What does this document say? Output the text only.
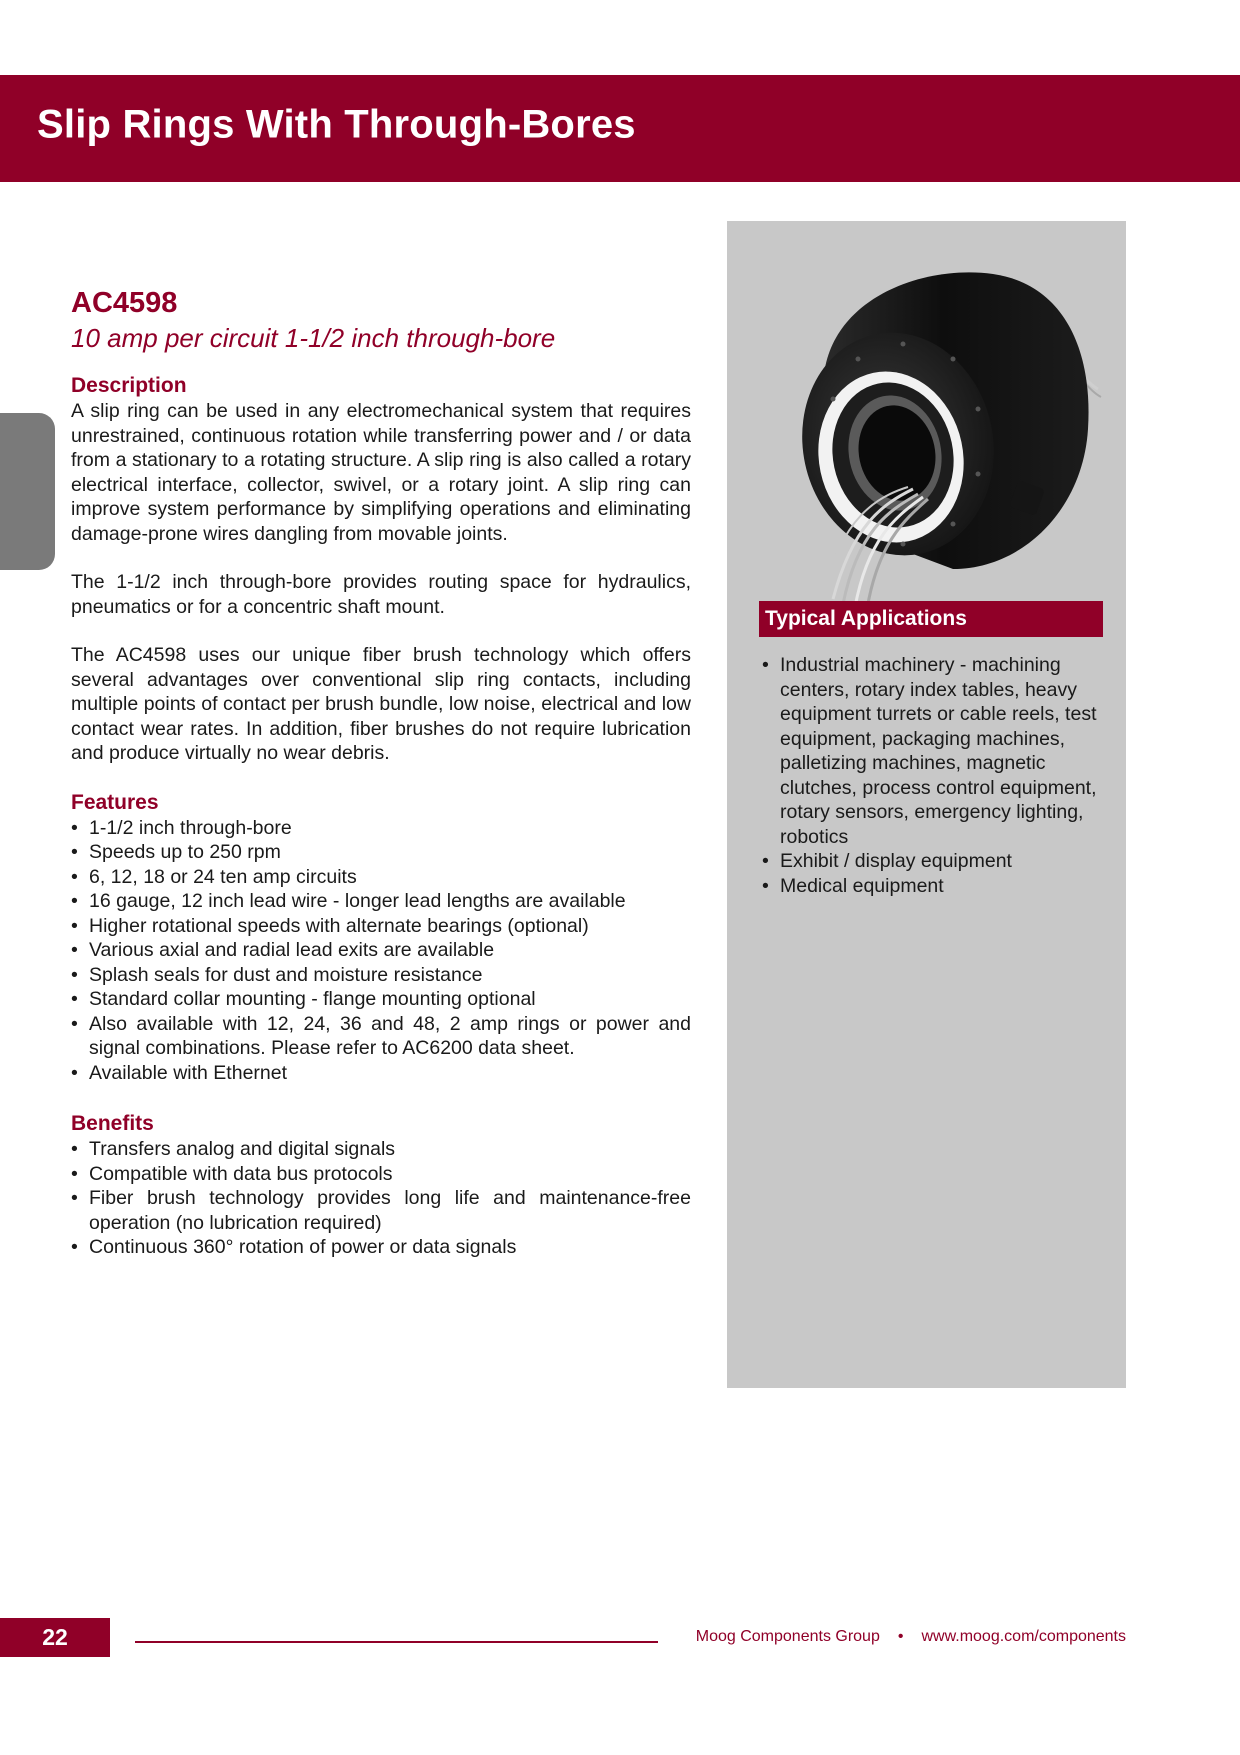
Slip Rings With Through-Bores

AC4598

10 amp per circuit 1-1/2 inch through-bore

Description

A slip ring can be used in any electromechanical system that requires unrestrained, continuous rotation while transferring power and / or data from a stationary to a rotating structure. A slip ring is also called a rotary electrical interface, collector, swivel, or a rotary joint. A slip ring can improve system performance by simplifying operations and eliminating damage-prone wires dangling from movable joints.

The 1-1/2 inch through-bore provides routing space for hydraulics, pneumatics or for a concentric shaft mount.

The AC4598 uses our unique fiber brush technology which offers several advantages over conventional slip ring contacts, including multiple points of contact per brush bundle, low noise, electrical and low contact wear rates. In addition, fiber brushes do not require lubrication and produce virtually no wear debris.

Features

• 1-1/2 inch through-bore
• Speeds up to 250 rpm
• 6, 12, 18 or 24 ten amp circuits
• 16 gauge, 12 inch lead wire - longer lead lengths are available
• Higher rotational speeds with alternate bearings (optional)
• Various axial and radial lead exits are available
• Splash seals for dust and moisture resistance
• Standard collar mounting - flange mounting optional
• Also available with 12, 24, 36 and 48, 2 amp rings or power and signal combinations. Please refer to AC6200 data sheet.
• Available with Ethernet

Benefits

• Transfers analog and digital signals
• Compatible with data bus protocols
• Fiber brush technology provides long life and maintenance-free operation (no lubrication required)
• Continuous 360° rotation of power or data signals
Typical Applications
• Industrial machinery - machining centers, rotary index tables, heavy equipment turrets or cable reels, test equipment, packaging machines, palletizing machines, magnetic clutches, process control equipment, rotary sensors, emergency lighting, robotics
• Exhibit / display equipment
• Medical equipment
22	Moog Components Group • www.moog.com/components
